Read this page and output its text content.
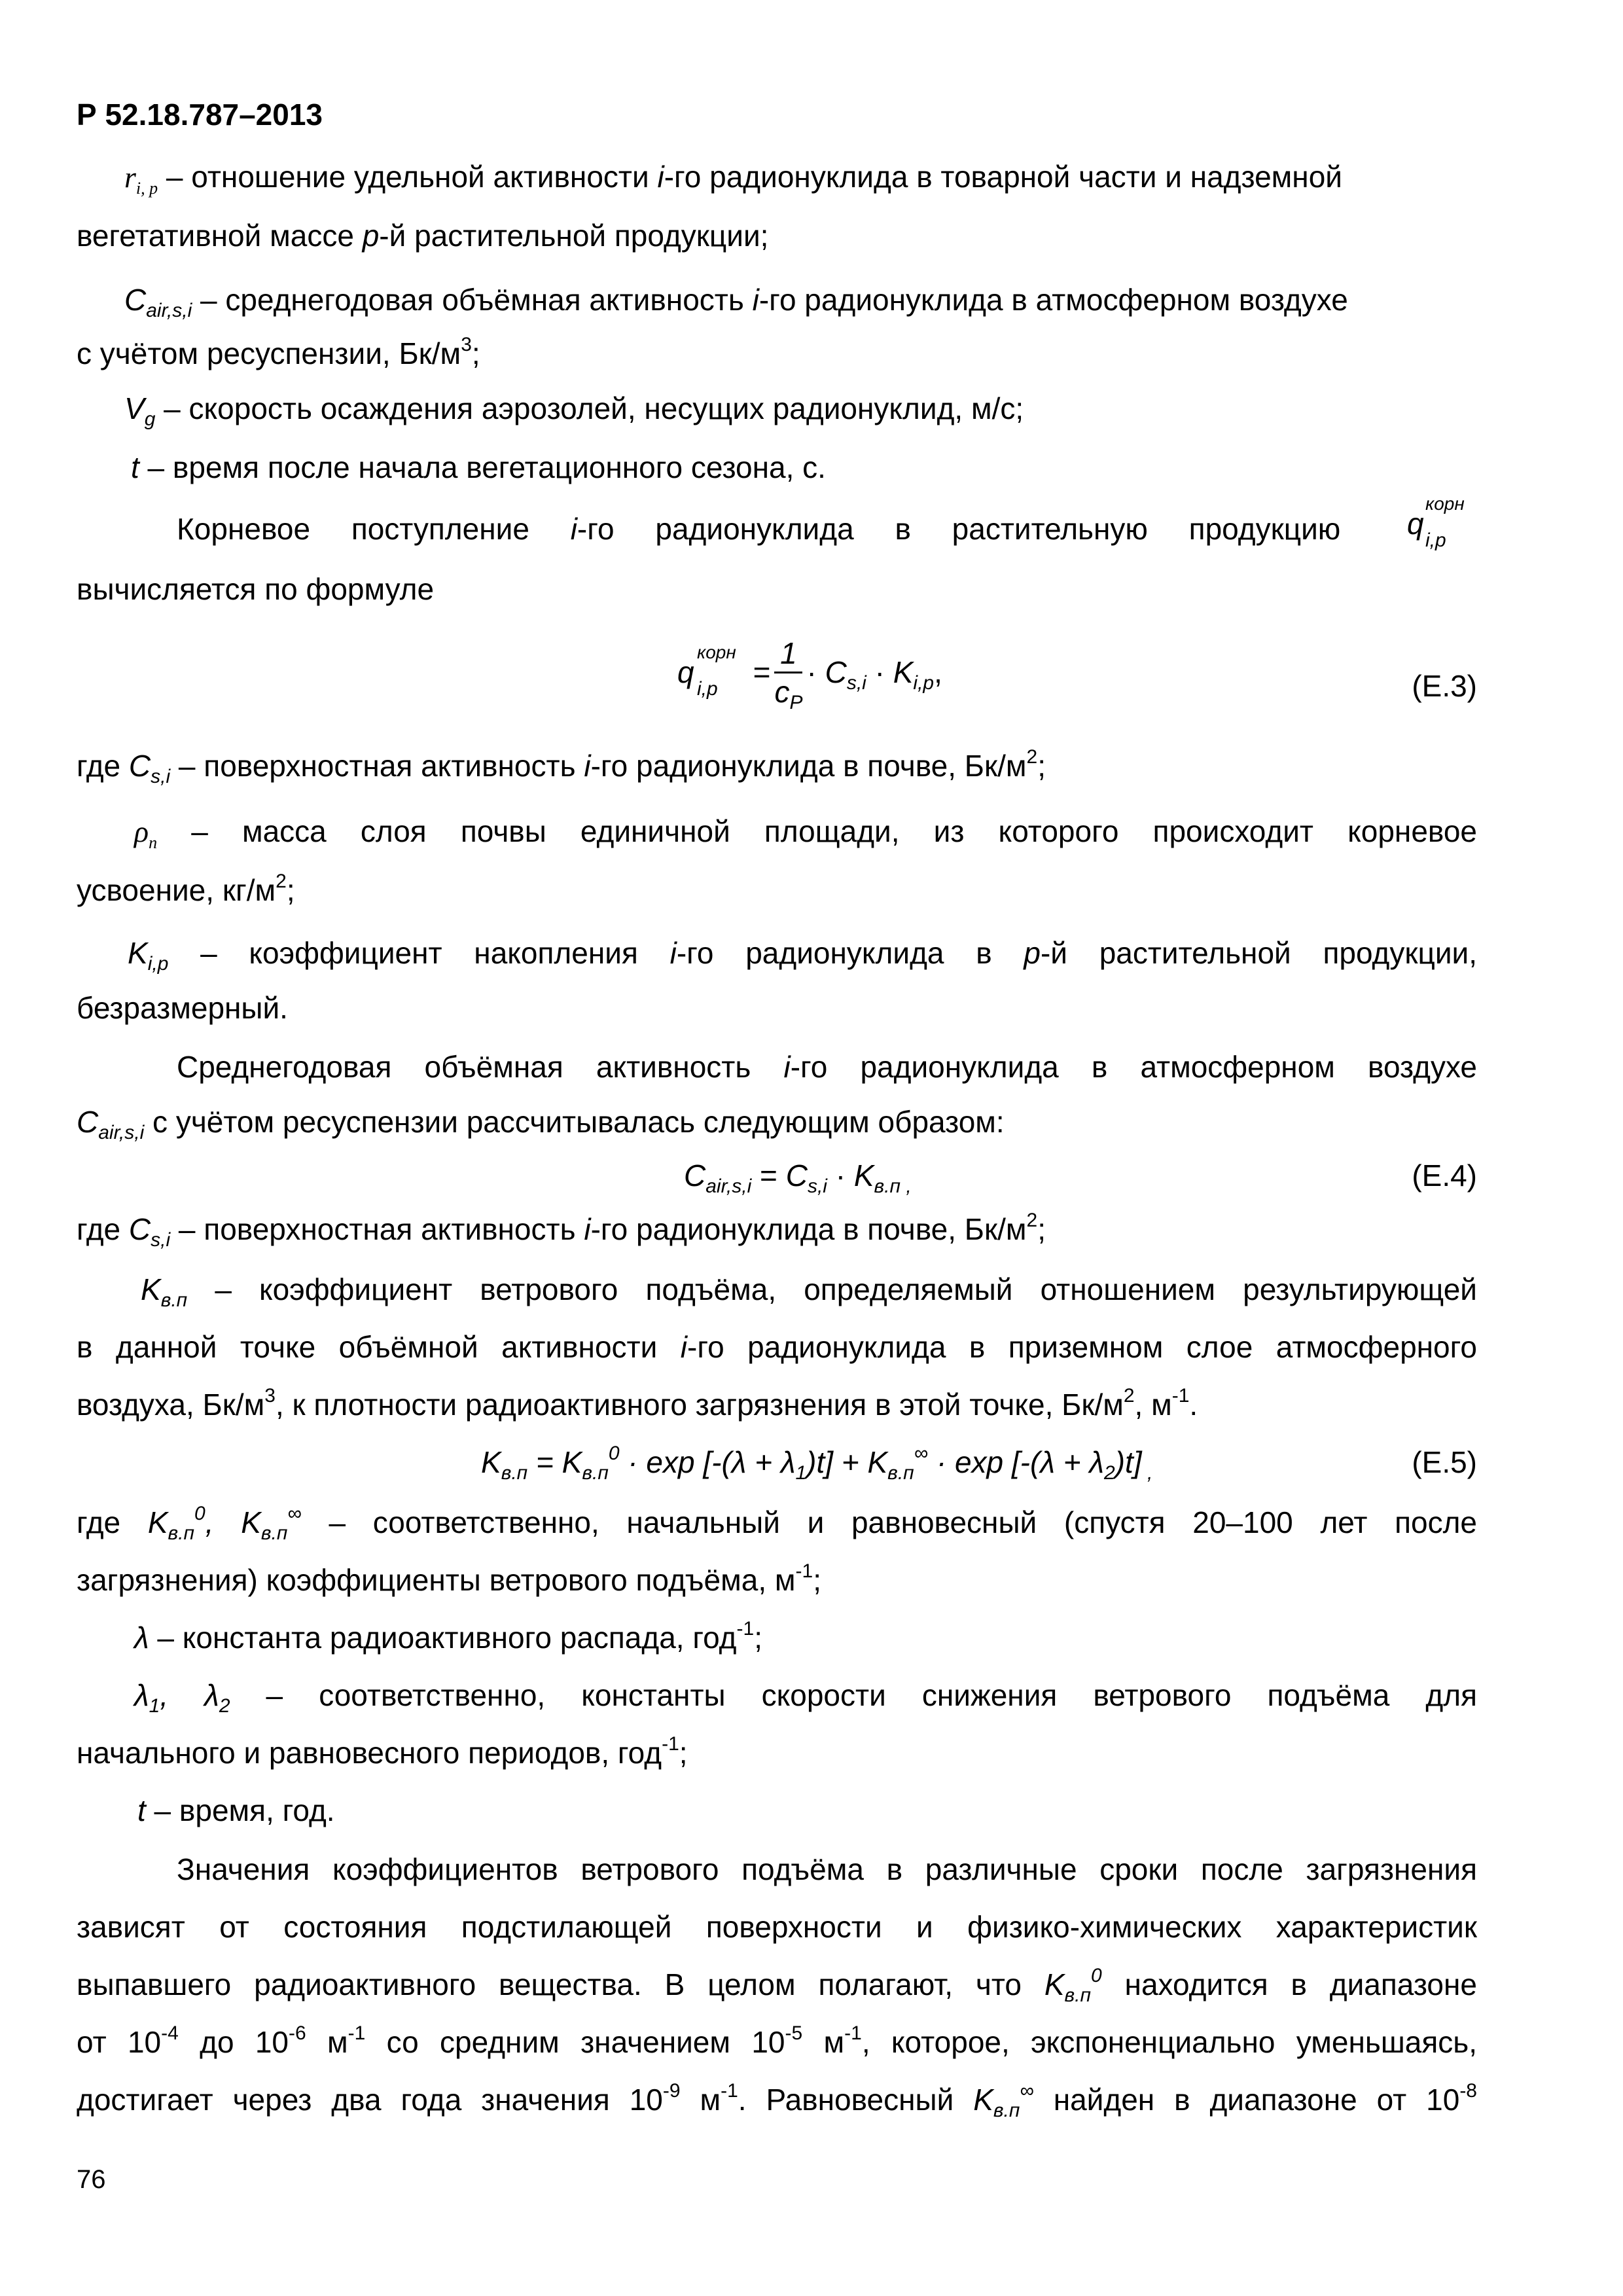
Р 52.18.787–2013
$r_{i, p}$ – отношение удельной активности i-го радионуклида в товарной части и надземной
вегетативной массе p-й растительной продукции;
$C_{air,s,i}$ – среднегодовая объёмная активность i-го радионуклида в атмосферном воздухе
с учётом ресуспензии, $Бк/м^3$;
$V_g$ – скорость осаждения аэрозолей, несущих радионуклид, м/с;
t – время после начала вегетационного сезона, с.
Корневое поступление i-го радионуклида в растительную продукцию	q
корн
i,p
вычисляется по формуле
q
корн
$i,p = \frac{1}{c_P} \cdot C_{s,i} \cdot K_{i,p}$,	(Е.3)
где $C_{s,i}$ – поверхностная активность i-го радионуклида в почве, $Бк/м^2$;
$\rho_п$ – масса слоя почвы единичной площади, из которого происходит корневое
усвоение, $кг/м^2$;
$K_{i,p}$ – коэффициент накопления i-го радионуклида в p-й растительной продукции,
безразмерный.
Среднегодовая объёмная активность i-го радионуклида в атмосферном воздухе
$C_{air,s,i}$ с учётом ресуспензии рассчитывалась следующим образом:
$C_{air,s,i} = C_{s,i} \cdot K_{в.п ,}$	(Е.4)
где $C_{s,i}$ – поверхностная активность i-го радионуклида в почве, $Бк/м^2$;
$K_{в.п}$ – коэффициент ветрового подъёма, определяемый отношением результирующей
в данной точке объёмной активности i-го радионуклида в приземном слое атмосферного
воздуха, $Бк/м^3$, к плотности радиоактивного загрязнения в этой точке, $Бк/м^2$, $м^{-1}$.
$K_{в.п} = K_{в.п}^0 \cdot \exp [-(\lambda + \lambda_1)t] + K_{в.п}^\infty \cdot \exp [-(\lambda + \lambda_2)t]$ $_,$	(Е.5)
где $K_{в.п}^0$, $K_{в.п}^\infty$ – соответственно, начальный и равновесный (спустя 20–100 лет после
загрязнения) коэффициенты ветрового подъёма, $м^{-1}$;
λ – константа радиоактивного распада, год$^{-1}$;
$\lambda_1$, $\lambda_2$ – соответственно, константы скорости снижения ветрового подъёма для
начального и равновесного периодов, год$^{-1}$;
t – время, год.
Значения коэффициентов ветрового подъёма в различные сроки после загрязнения
зависят от состояния подстилающей поверхности и физико-химических характеристик
выпавшего радиоактивного вещества. В целом полагают, что $K_{в.п}^0$ находится в диапазоне
от $10^{-4}$ до $10^{-6}$ $м^{-1}$ со средним значением $10^{-5}$ $м^{-1}$, которое, экспоненциально уменьшаясь,
достигает через два года значения $10^{-9}$ $м^{-1}$. Равновесный $K_{в.п}^\infty$ найден в диапазоне от $10^{-8}$
76
